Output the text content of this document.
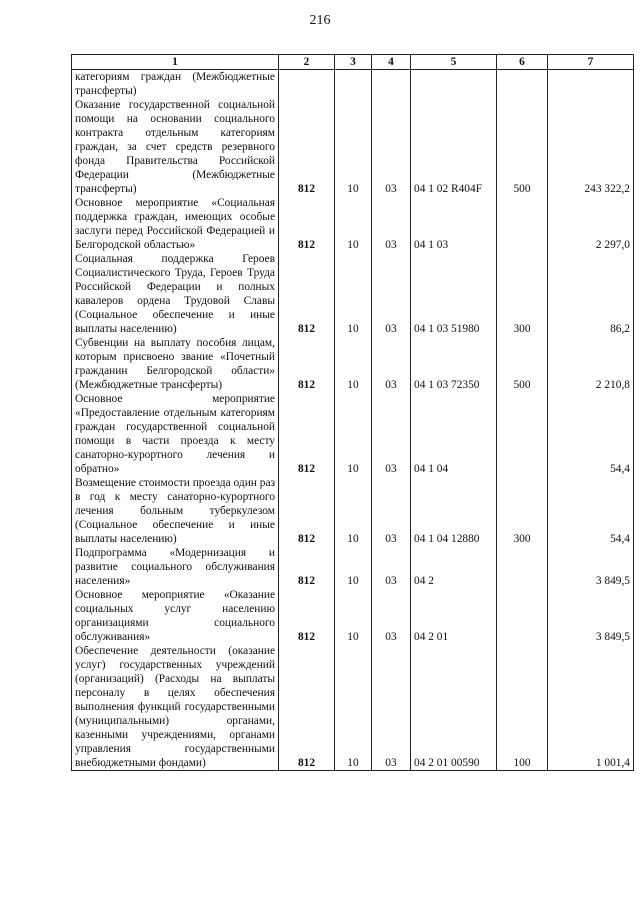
216
1	2	3	4	5	6	7
категориям граждан (Межбюджетные трансферты)						
Оказание государственной социальной помощи на основании социального контракта отдельным категориям граждан, за счет средств резервного фонда Правительства Российской Федерации (Межбюджетные трансферты)	812	10	03	04 1 02 R404F	500	243 322,2
Основное мероприятие «Социальная поддержка граждан, имеющих особые заслуги перед Российской Федерацией и Белгородской областью»	812	10	03	04 1 03		2 297,0
Социальная поддержка Героев Социалистического Труда, Героев Труда Российской Федерации и полных кавалеров ордена Трудовой Славы (Социальное обеспечение и иные выплаты населению)	812	10	03	04 1 03 51980	300	86,2
Субвенции на выплату пособия лицам, которым присвоено звание «Почетный гражданин Белгородской области» (Межбюджетные трансферты)	812	10	03	04 1 03 72350	500	2 210,8
Основное мероприятие «Предоставление отдельным категориям граждан государственной социальной помощи в части проезда к месту санаторно-курортного лечения и обратно»	812	10	03	04 1 04		54,4
Возмещение стоимости проезда один раз в год к месту санаторно-курортного лечения больным туберкулезом (Социальное обеспечение и иные выплаты населению)	812	10	03	04 1 04 12880	300	54,4
Подпрограмма «Модернизация и развитие социального обслуживания населения»	812	10	03	04 2		3 849,5
Основное мероприятие «Оказание социальных услуг населению организациями социального обслуживания»	812	10	03	04 2 01		3 849,5
Обеспечение деятельности (оказание услуг) государственных учреждений (организаций) (Расходы на выплаты персоналу в целях обеспечения выполнения функций государственными (муниципальными) органами, казенными учреждениями, органами управления государственными внебюджетными фондами)	812	10	03	04 2 01 00590	100	1 001,4
